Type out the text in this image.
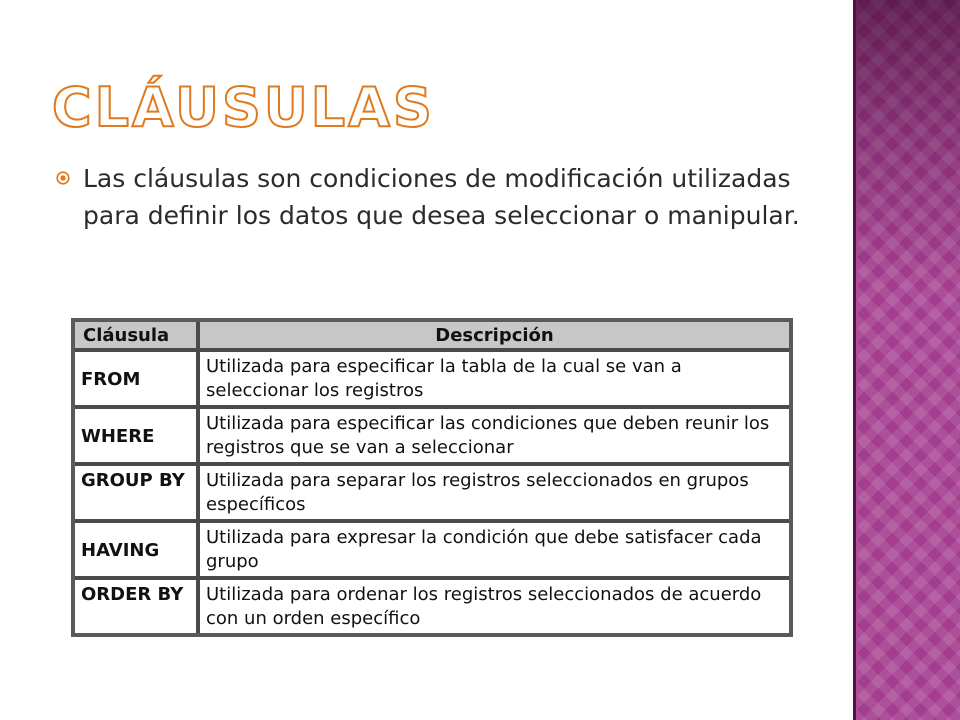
CLÁUSULAS

Las cláusulas son condiciones de modificación utilizadas para definir los datos que desea seleccionar o manipular.

Cláusula	Descripción
FROM	Utilizada para especificar la tabla de la cual se van a seleccionar los registros
WHERE	Utilizada para especificar las condiciones que deben reunir los registros que se van a seleccionar
GROUP BY	Utilizada para separar los registros seleccionados en grupos específicos
HAVING	Utilizada para expresar la condición que debe satisfacer cada grupo
ORDER BY	Utilizada para ordenar los registros seleccionados de acuerdo con un orden específico
